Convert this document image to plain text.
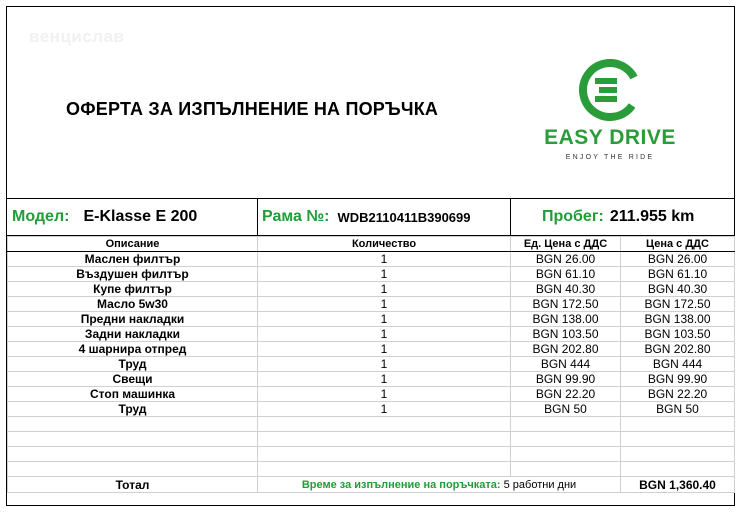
венцислав
ОФЕРТА ЗА ИЗПЪЛНЕНИЕ НА ПОРЪЧКА
EASY DRIVE
ENJOY THE RIDE
Модел: E-Klasse E 200	Рама №: WDB2110411B390699	Пробег: 211.955 km
Описание	Количество	Ед. Цена с ДДС	Цена с ДДС
Маслен филтър	1	BGN 26.00	BGN 26.00
Въздушен филтър	1	BGN 61.10	BGN 61.10
Купе филтър	1	BGN 40.30	BGN 40.30
Масло 5w30	1	BGN 172.50	BGN 172.50
Предни накладки	1	BGN 138.00	BGN 138.00
Задни накладки	1	BGN 103.50	BGN 103.50
4 шарнира отпред	1	BGN 202.80	BGN 202.80
Труд	1	BGN 444	BGN 444
Свещи	1	BGN 99.90	BGN 99.90
Стоп машинка	1	BGN 22.20	BGN 22.20
Труд	1	BGN 50	BGN 50

Тотал	Време за изпълнение на поръчката: 5 работни дни		BGN 1,360.40
